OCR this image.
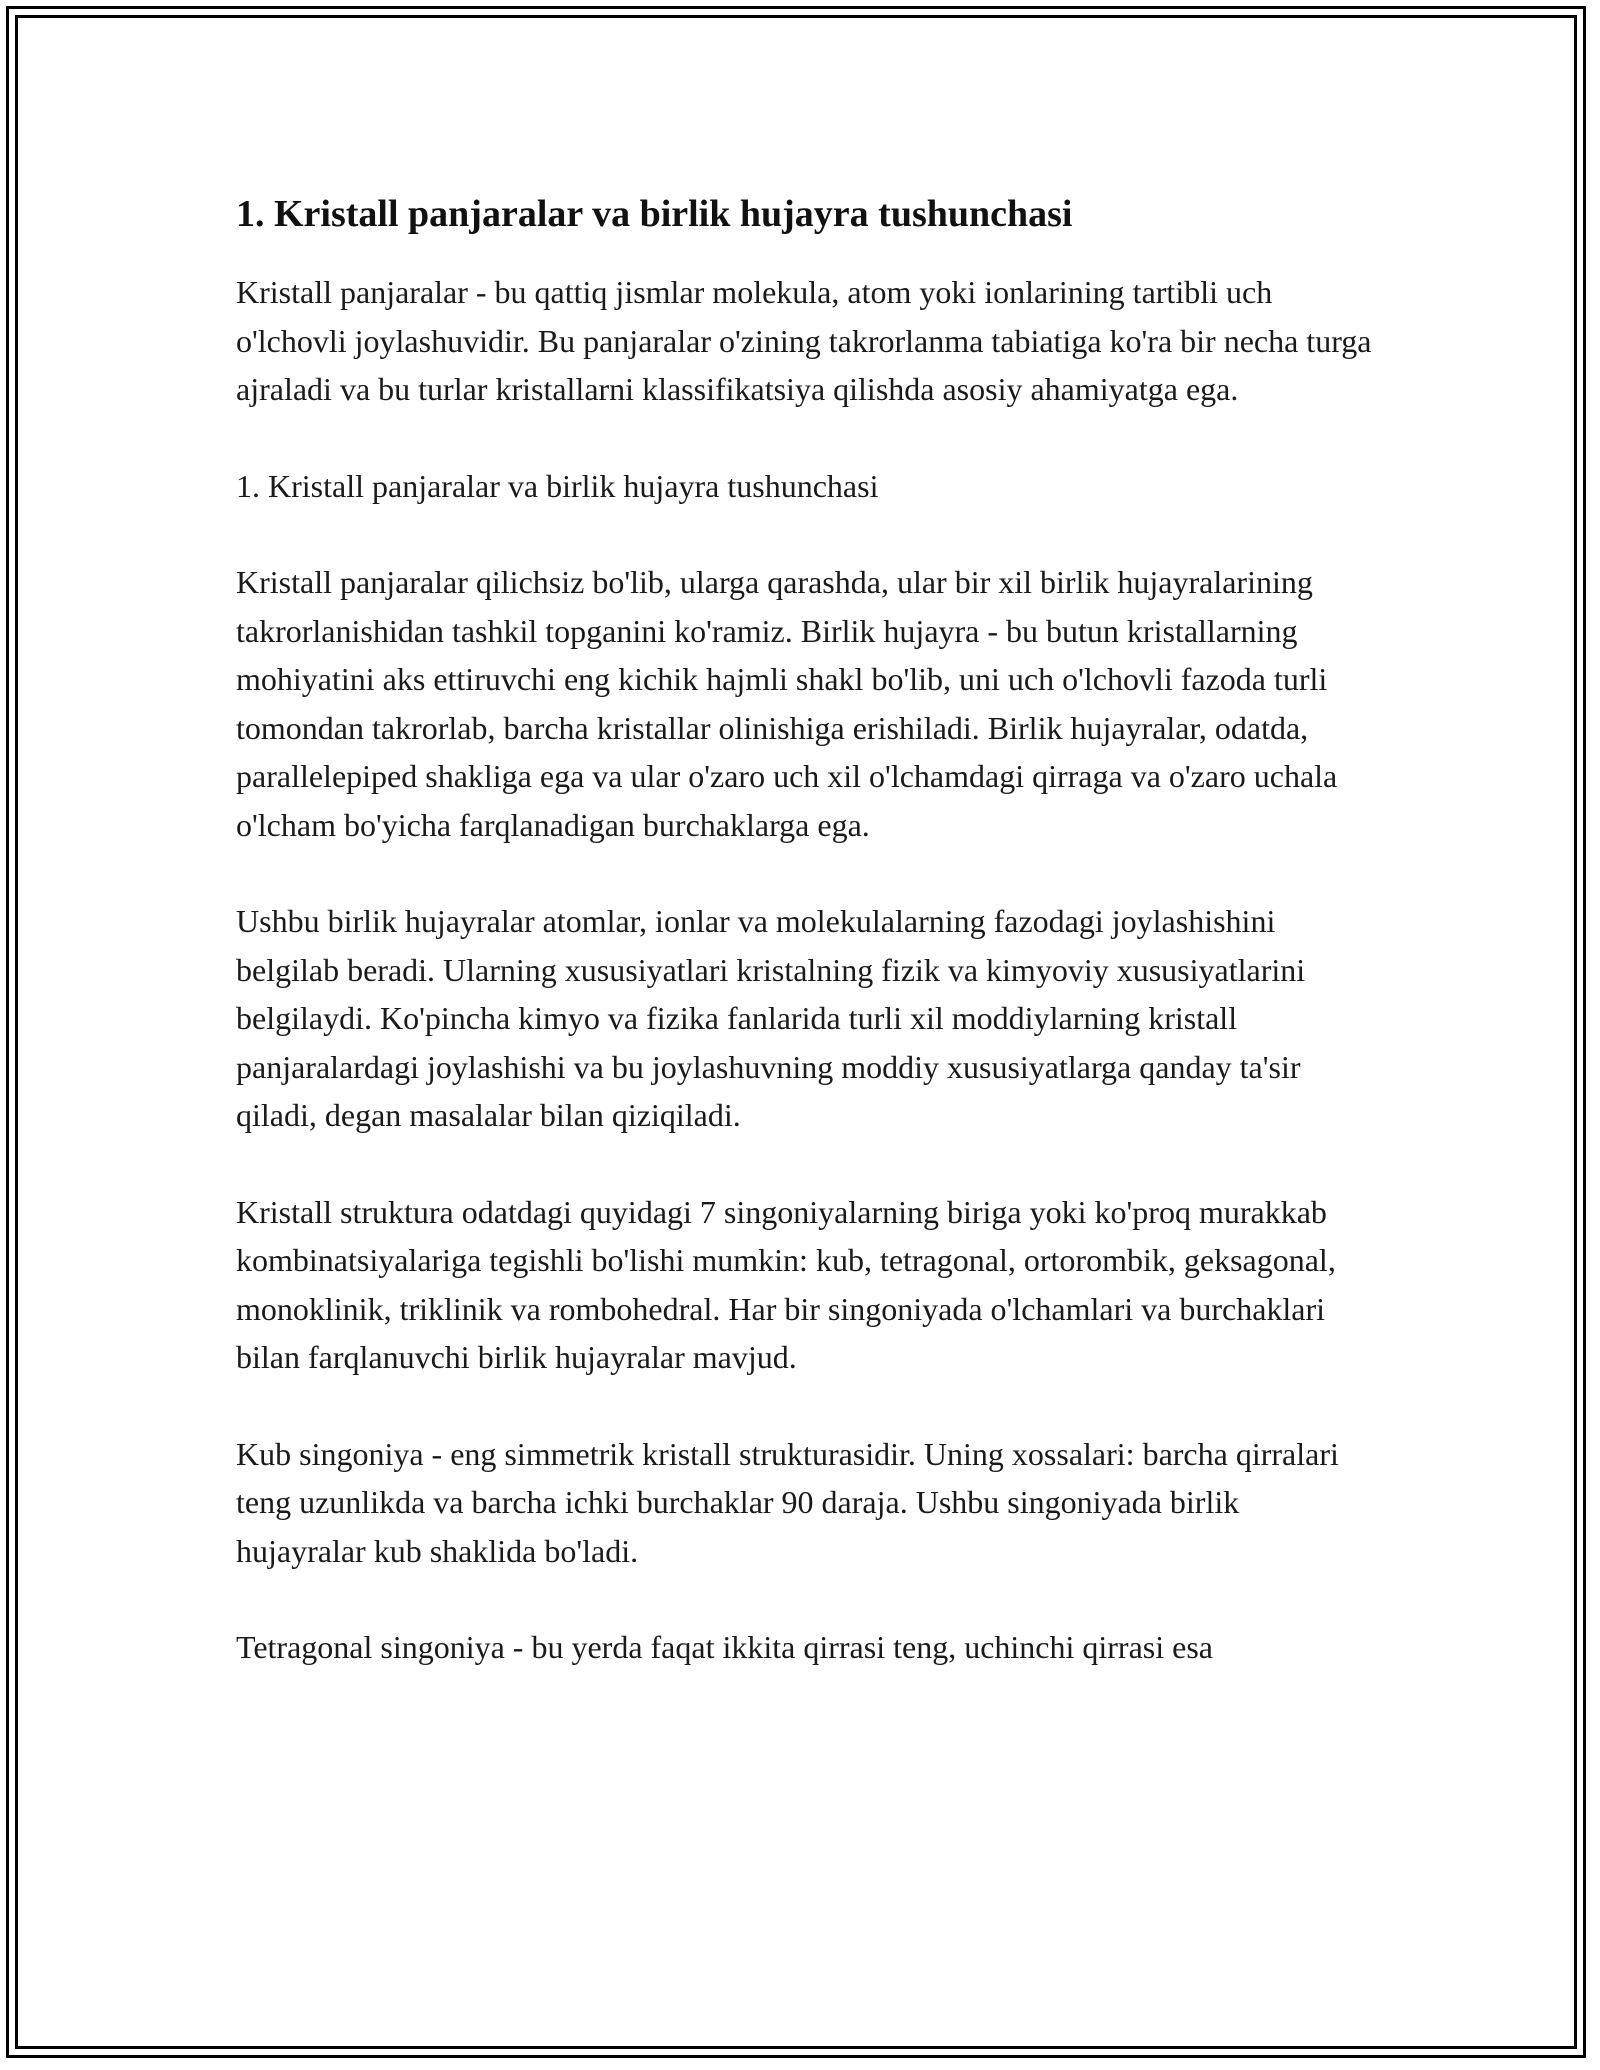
1. Kristall panjaralar va birlik hujayra tushunchasi

Kristall panjaralar - bu qattiq jismlar molekula, atom yoki ionlarining tartibli uch o'lchovli joylashuvidir. Bu panjaralar o'zining takrorlanma tabiatiga ko'ra bir necha turga ajraladi va bu turlar kristallarni klassifikatsiya qilishda asosiy ahamiyatga ega.

1. Kristall panjaralar va birlik hujayra tushunchasi

Kristall panjaralar qilichsiz bo'lib, ularga qarashda, ular bir xil birlik hujayralarining takrorlanishidan tashkil topganini ko'ramiz. Birlik hujayra - bu butun kristallarning mohiyatini aks ettiruvchi eng kichik hajmli shakl bo'lib, uni uch o'lchovli fazoda turli tomondan takrorlab, barcha kristallar olinishiga erishiladi. Birlik hujayralar, odatda, parallelepiped shakliga ega va ular o'zaro uch xil o'lchamdagi qirraga va o'zaro uchala o'lcham bo'yicha farqlanadigan burchaklarga ega.

Ushbu birlik hujayralar atomlar, ionlar va molekulalarning fazodagi joylashishini belgilab beradi. Ularning xususiyatlari kristalning fizik va kimyoviy xususiyatlarini belgilaydi. Ko'pincha kimyo va fizika fanlarida turli xil moddiylarning kristall panjaralardagi joylashishi va bu joylashuvning moddiy xususiyatlarga qanday ta'sir qiladi, degan masalalar bilan qiziqiladi.

Kristall struktura odatdagi quyidagi 7 singoniyalarning biriga yoki ko'proq murakkab kombinatsiyalariga tegishli bo'lishi mumkin: kub, tetragonal, ortorombik, geksagonal, monoklinik, triklinik va rombohedral. Har bir singoniyada o'lchamlari va burchaklari bilan farqlanuvchi birlik hujayralar mavjud.

Kub singoniya - eng simmetrik kristall strukturasidir. Uning xossalari: barcha qirralari teng uzunlikda va barcha ichki burchaklar 90 daraja. Ushbu singoniyada birlik hujayralar kub shaklida bo'ladi.

Tetragonal singoniya - bu yerda faqat ikkita qirrasi teng, uchinchi qirrasi esa
